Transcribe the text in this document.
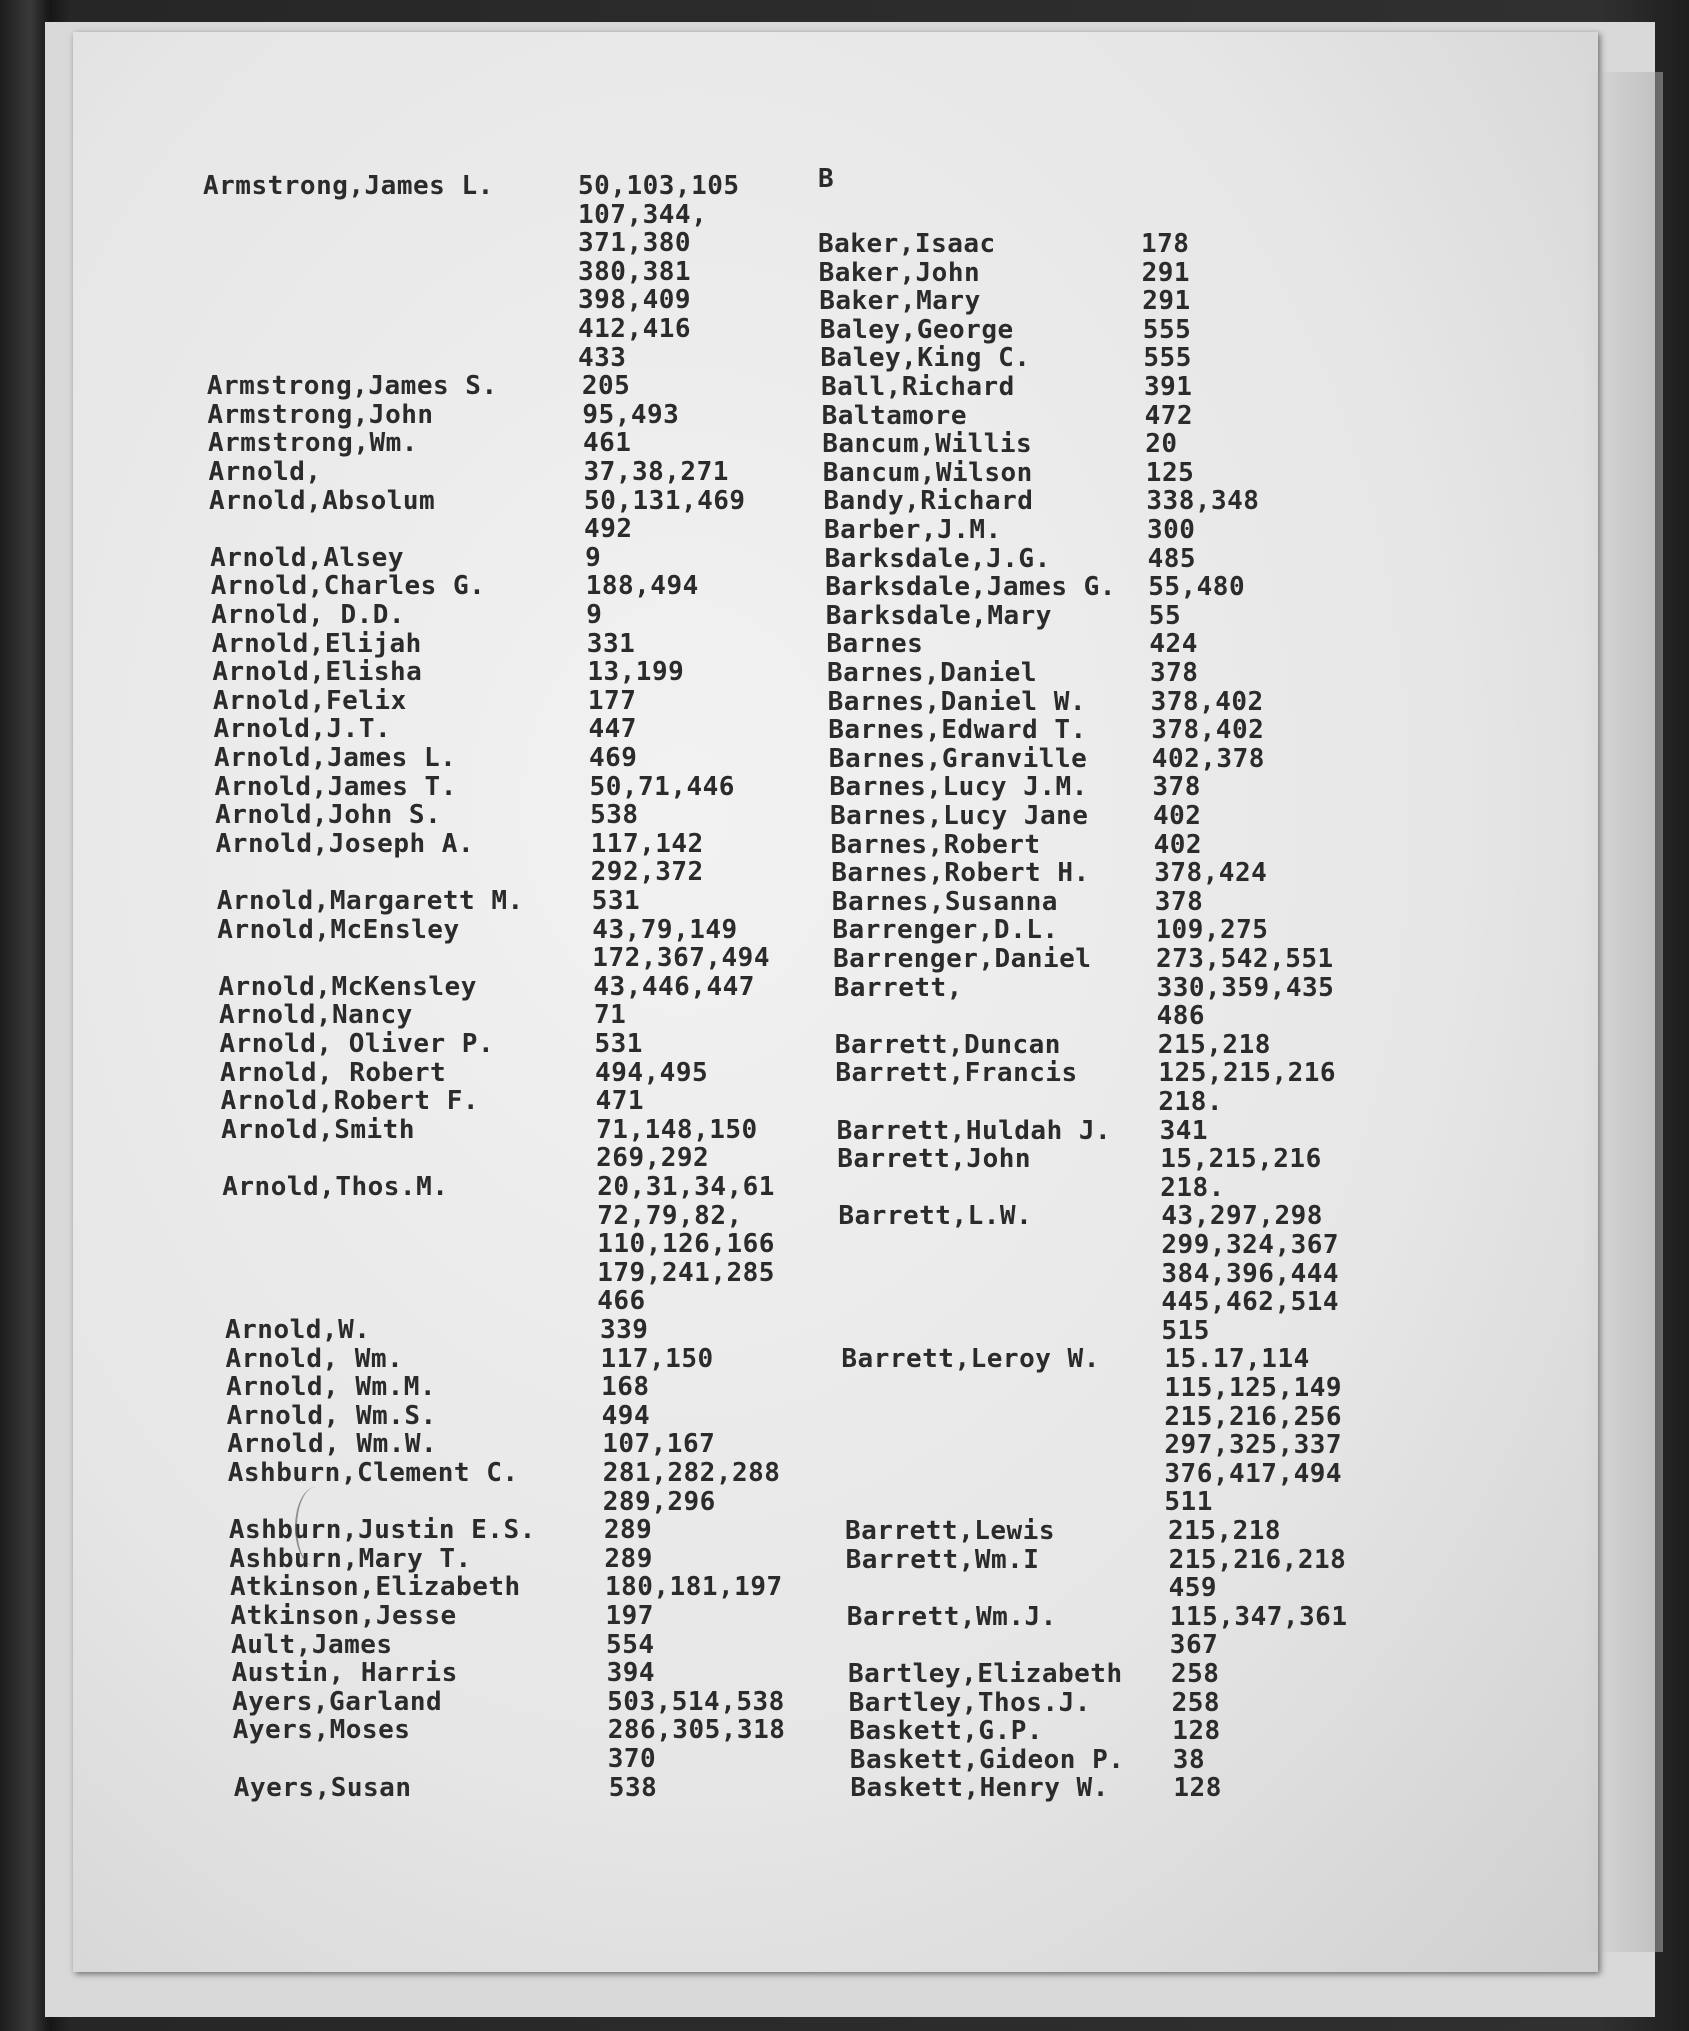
B
Armstrong,James L.	50,103,105
107,344,
371,380
380,381
398,409
412,416
433
Armstrong,James S.	205
Armstrong,John	95,493
Armstrong,Wm.	461
Arnold,	37,38,271
Arnold,Absolum	50,131,469
492
Arnold,Alsey	9
Arnold,Charles G.	188,494
Arnold, D.D.	9
Arnold,Elijah	331
Arnold,Elisha	13,199
Arnold,Felix	177
Arnold,J.T.	447
Arnold,James L.	469
Arnold,James T.	50,71,446
Arnold,John S.	538
Arnold,Joseph A.	117,142
292,372
Arnold,Margarett M.	531
Arnold,McEnsley	43,79,149
172,367,494
Arnold,McKensley	43,446,447
Arnold,Nancy	71
Arnold, Oliver P.	531
Arnold, Robert	494,495
Arnold,Robert F.	471
Arnold,Smith	71,148,150
269,292
Arnold,Thos.M.	20,31,34,61
72,79,82,
110,126,166
179,241,285
466
Arnold,W.	339
Arnold, Wm.	117,150
Arnold, Wm.M.	168
Arnold, Wm.S.	494
Arnold, Wm.W.	107,167
Ashburn,Clement C.	281,282,288
289,296
Ashburn,Justin E.S.	289
Ashburn,Mary T.	289
Atkinson,Elizabeth	180,181,197
Atkinson,Jesse	197
Ault,James	554
Austin, Harris	394
Ayers,Garland	503,514,538
Ayers,Moses	286,305,318
370
Ayers,Susan	538
Baker,Isaac	178
Baker,John	291
Baker,Mary	291
Baley,George	555
Baley,King C.	555
Ball,Richard	391
Baltamore	472
Bancum,Willis	20
Bancum,Wilson	125
Bandy,Richard	338,348
Barber,J.M.	300
Barksdale,J.G.	485
Barksdale,James G. 55,480
Barksdale,Mary	55
Barnes	424
Barnes,Daniel	378
Barnes,Daniel W. 378,402
Barnes,Edward T. 378,402
Barnes,Granville 402,378
Barnes,Lucy J.M. 378
Barnes,Lucy Jane 402
Barnes,Robert	402
Barnes,Robert H. 378,424
Barnes,Susanna	378
Barrenger,D.L.	109,275
Barrenger,Daniel 273,542,551
Barrett,	330,359,435
486
Barrett,Duncan	215,218
Barrett,Francis	125,215,216
218.
Barrett,Huldah J. 341
Barrett,John	15,215,216
218.
Barrett,L.W.	43,297,298
299,324,367
384,396,444
445,462,514
515
Barrett,Leroy W. 15.17,114
115,125,149
215,216,256
297,325,337
376,417,494
511
Barrett,Lewis	215,218
Barrett,Wm.I	215,216,218
459
Barrett,Wm.J.	115,347,361
367
Bartley,Elizabeth 258
Bartley,Thos.J.	258
Baskett,G.P.	128
Baskett,Gideon P. 38
Baskett,Henry W. 128
